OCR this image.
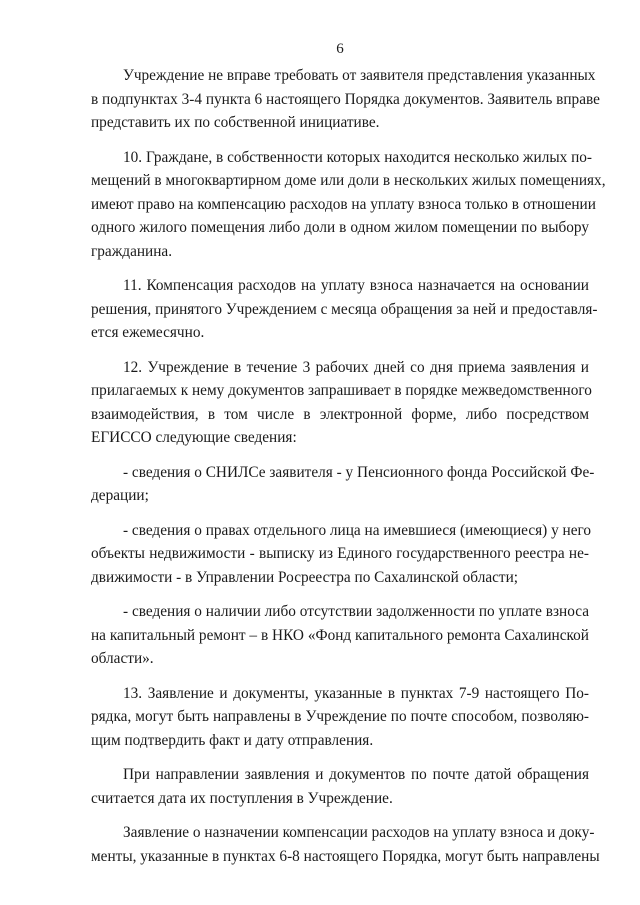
6
Учреждение не вправе требовать от заявителя представления указанных
в подпунктах 3-4 пункта 6 настоящего Порядка документов. Заявитель вправе
представить их по собственной инициативе.
10. Граждане, в собственности которых находится несколько жилых по-
мещений в многоквартирном доме или доли в нескольких жилых помещениях,
имеют право на компенсацию расходов на уплату взноса только в отношении
одного жилого помещения либо доли в одном жилом помещении по выбору
гражданина.
11. Компенсация расходов на уплату взноса назначается на основании
решения, принятого Учреждением с месяца обращения за ней и предоставля-
ется ежемесячно.
12. Учреждение в течение 3 рабочих дней со дня приема заявления и
прилагаемых к нему документов запрашивает в порядке межведомственного
взаимодействия, в том числе в электронной форме, либо посредством
ЕГИССО следующие сведения:
- сведения о СНИЛСе заявителя - у Пенсионного фонда Российской Фе-
дерации;
- сведения о правах отдельного лица на имевшиеся (имеющиеся) у него
объекты недвижимости - выписку из Единого государственного реестра не-
движимости - в Управлении Росреестра по Сахалинской области;
- сведения о наличии либо отсутствии задолженности по уплате взноса
на капитальный ремонт – в НКО «Фонд капитального ремонта Сахалинской
области».
13. Заявление и документы, указанные в пунктах 7-9 настоящего По-
рядка, могут быть направлены в Учреждение по почте способом, позволяю-
щим подтвердить факт и дату отправления.
При направлении заявления и документов по почте датой обращения
считается дата их поступления в Учреждение.
Заявление о назначении компенсации расходов на уплату взноса и доку-
менты, указанные в пунктах 6-8 настоящего Порядка, могут быть направлены
